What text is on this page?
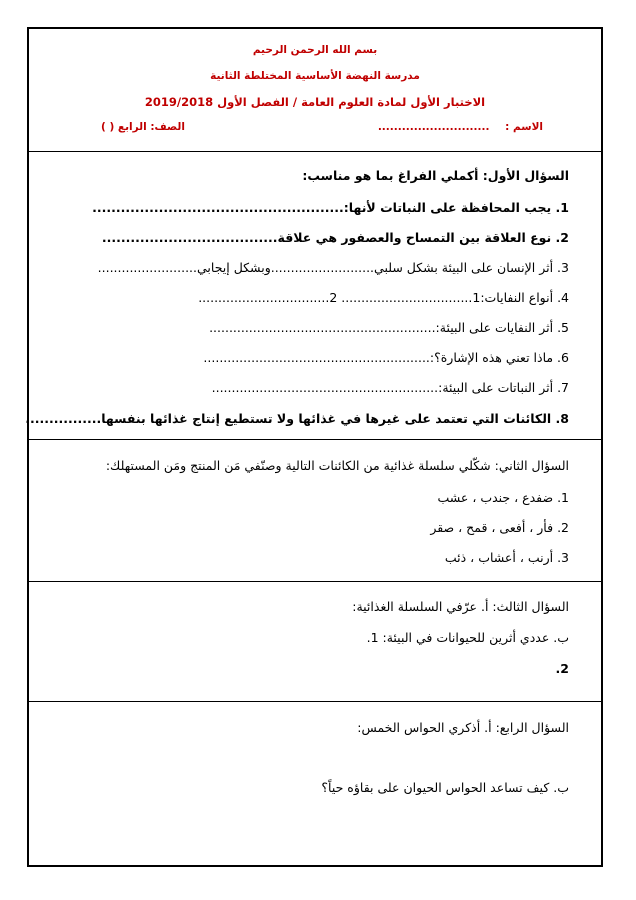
بسم الله الرحمن الرحيم
مدرسة النهضة الأساسية المختلطة الثانية
الاختبار الأول لمادة العلوم العامة / الفصل الأول 2019/2018
الاسم : ............................
الصف: الرابع ( )
السؤال الأول: أكملي الفراغ بما هو مناسب:
1. يجب المحافظة على النباتات لأنها:.....................................................
2. نوع العلاقة بين التمساح والعصفور هي علاقة.....................................
3. أثر الإنسان على البيئة بشكل سلبي..........................وبشكل إيجابي.........................
4. أنواع النفايات:1................................. 2.................................
5. أثر النفايات على البيئة:.........................................................
6. ماذا تعني هذه الإشارة؟:.........................................................
7. أثر النباتات على البيئة:.........................................................
8. الكائنات التي تعتمد على غيرها في غذائها ولا تستطيع إنتاج غذائها بنفسها................
السؤال الثاني: شكّلي سلسلة غذائية من الكائنات التالية وصنّفي مَن المنتج ومَن المستهلك:
1. ضفدع ، جندب ، عشب
2. فأر ، أفعى ، قمح ، صقر
3. أرنب ، أعشاب ، ذئب
السؤال الثالث: أ. عرّفي السلسلة الغذائية:
ب. عددي أثرين للحيوانات في البيئة: 1.
2.
السؤال الرابع: أ. أذكري الحواس الخمس:
ب. كيف تساعد الحواس الحيوان على بقاؤه حياً؟
